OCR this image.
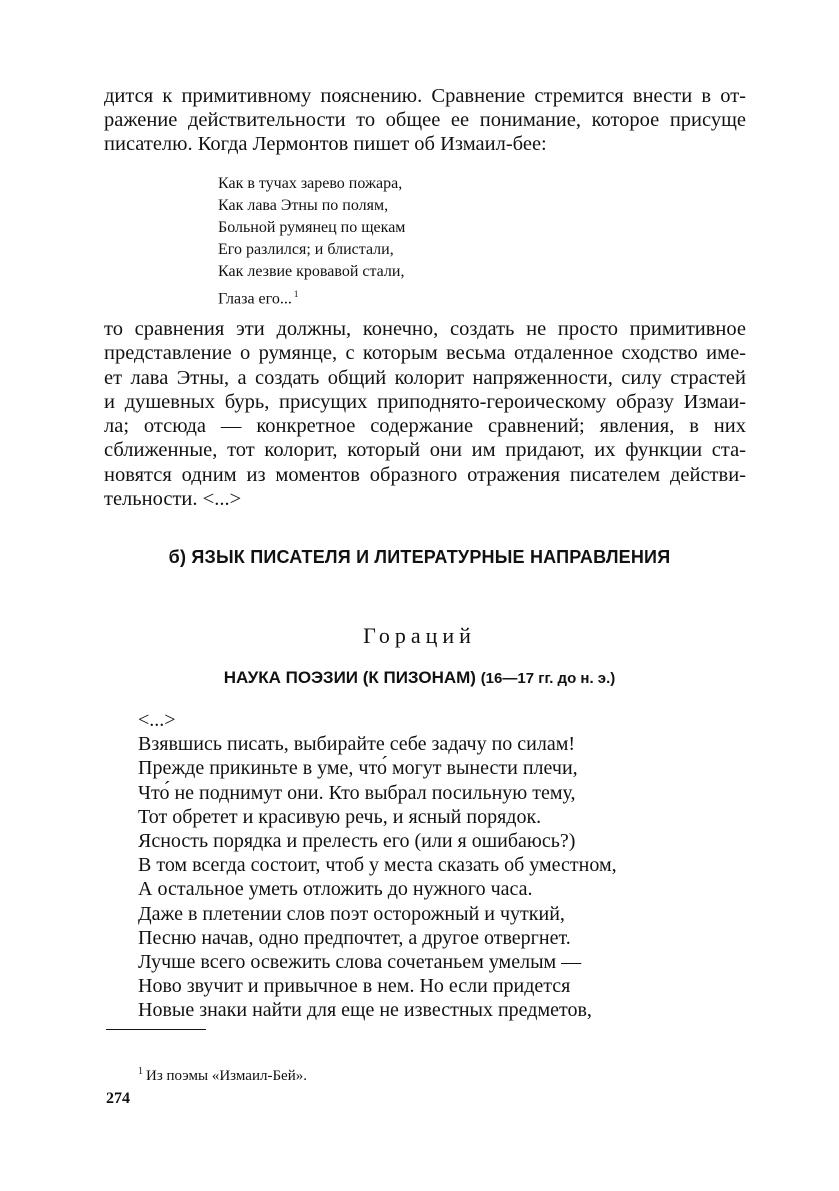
дится к примитивному пояснению. Сравнение стремится внести в от-
ражение действительности то общее ее понимание, которое присуще
писателю. Когда Лермонтов пишет об Измаил-бее:
Как в тучах зарево пожара,
Как лава Этны по полям,
Больной румянец по щекам
Его разлился; и блистали,
Как лезвие кровавой стали,
Глаза его... $^1$
то сравнения эти должны, конечно, создать не просто примитивное
представление о румянце, с которым весьма отдаленное сходство име-
ет лава Этны, а создать общий колорит напряженности, силу страстей
и душевных бурь, присущих приподнято-героическому образу Измаи-
ла; отсюда — конкретное содержание сравнений; явления, в них
сближенные, тот колорит, который они им придают, их функции ста-
новятся одним из моментов образного отражения писателем действи-
тельности. <...>
б) ЯЗЫК ПИСАТЕЛЯ И ЛИТЕРАТУРНЫЕ НАПРАВЛЕНИЯ
Гораций
НАУКА ПОЭЗИИ (К ПИЗОНАМ) (16—17 гг. до н. э.)
<...>
Взявшись писать, выбирайте себе задачу по силам!
Прежде прикиньте в уме, что́ могут вынести плечи,
Что́ не поднимут они. Кто выбрал посильную тему,
Тот обретет и красивую речь, и ясный порядок.
Ясность порядка и прелесть его (или я ошибаюсь?)
В том всегда состоит, чтоб у места сказать об уместном,
А остальное уметь отложить до нужного часа.
Даже в плетении слов поэт осторожный и чуткий,
Песню начав, одно предпочтет, а другое отвергнет.
Лучше всего освежить слова сочетаньем умелым —
Ново звучит и привычное в нем. Но если придется
Новые знаки найти для еще не известных предметов,
$^1$ Из поэмы «Измаил-Бей».
274
